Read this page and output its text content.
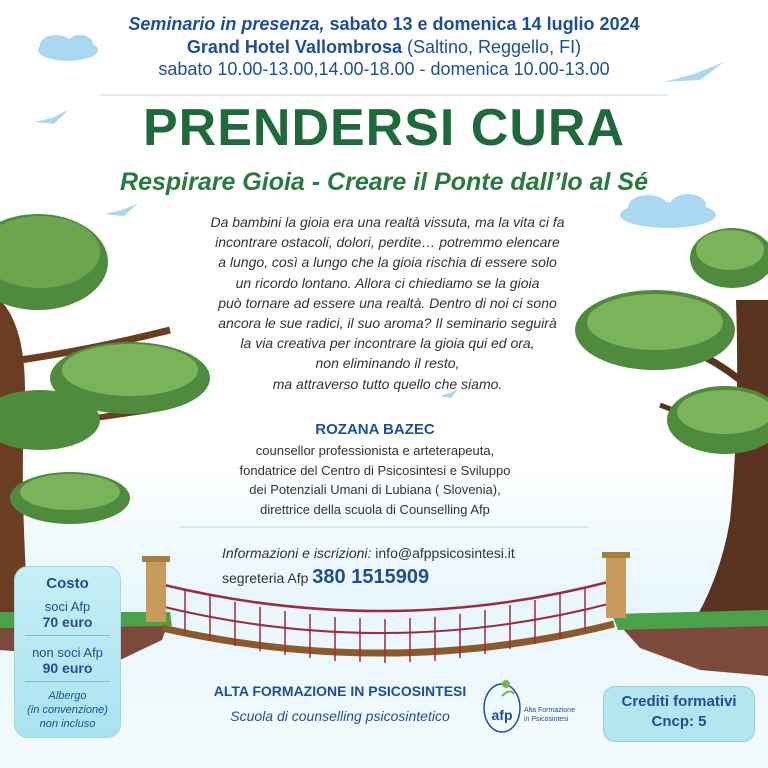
Seminario in presenza, sabato 13 e domenica 14 luglio 2024
Grand Hotel Vallombrosa (Saltino, Reggello, FI)
sabato 10.00-13.00,14.00-18.00 - domenica 10.00-13.00
PRENDERSI CURA
Respirare Gioia - Creare il Ponte dall’Io al Sé
Da bambini la gioia era una realtà vissuta, ma la vita ci fa
incontrare ostacoli, dolori, perdite… potremmo elencare
a lungo, così a lungo che la gioia rischia di essere solo
un ricordo lontano. Allora ci chiediamo se la gioia
può tornare ad essere una realtà. Dentro di noi ci sono
ancora le sue radici, il suo aroma? Il seminario seguirà
la via creativa per incontrare la gioia qui ed ora,
non eliminando il resto,
ma attraverso tutto quello che siamo.
ROZANA BAZEC
counsellor professionista e arteterapeuta,
fondatrice del Centro di Psicosintesi e Sviluppo
dei Potenziali Umani di Lubiana ( Slovenia),
direttrice della scuola di Counselling Afp
Informazioni e iscrizioni: info@afppsicosintesi.it
segreteria Afp 380 1515909
Costo
soci Afp
70 euro
non soci Afp
90 euro
Albergo
(in convenzione)
non incluso
ALTA FORMAZIONE IN PSICOSINTESI
Scuola di counselling psicosintetico	afp Alta Formazione
in Psicosintesi
Crediti formativi
Cncp: 5
